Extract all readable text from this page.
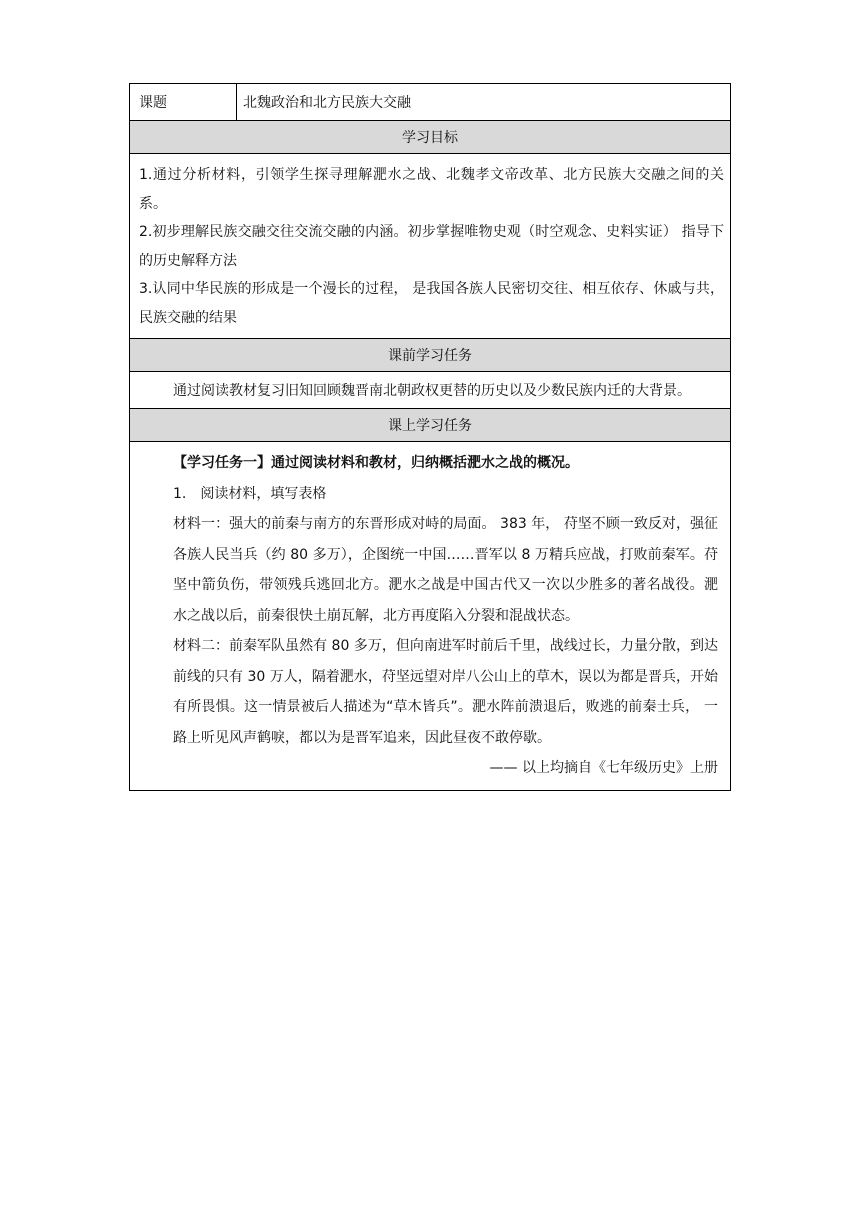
课题	北魏政治和北方民族大交融
学习目标

1.通过分析材料，引领学生探寻理解淝水之战、北魏孝文帝改革、北方民族大交融之间的关系。

2.初步理解民族交融交往交流交融的内涵。初步掌握唯物史观（时空观念、史料实证） 指导下的历史解释方法

3.认同中华民族的形成是一个漫长的过程， 是我国各族人民密切交往、相互依存、休戚与共，民族交融的结果

课前学习任务
通过阅读教材复习旧知回顾魏晋南北朝政权更替的历史以及少数民族内迁的大背景。
课上学习任务

【学习任务一】通过阅读材料和教材，归纳概括淝水之战的概况。

1.　阅读材料，填写表格

材料一：强大的前秦与南方的东晋形成对峙的局面。 383 年， 苻坚不顾一致反对，强征各族人民当兵（约 80 多万），企图统一中国……晋军以 8 万精兵应战，打败前秦军。苻坚中箭负伤，带领残兵逃回北方。淝水之战是中国古代又一次以少胜多的著名战役。淝水之战以后，前秦很快土崩瓦解，北方再度陷入分裂和混战状态。

材料二：前秦军队虽然有 80 多万，但向南进军时前后千里，战线过长，力量分散，到达前线的只有 30 万人，隔着淝水，苻坚远望对岸八公山上的草木，误以为都是晋兵，开始有所畏惧。这一情景被后人描述为“草木皆兵”。淝水阵前溃退后，败逃的前秦士兵， 一路上听见风声鹤唳，都以为是晋军追来，因此昼夜不敢停歇。

—— 以上均摘自《七年级历史》上册
